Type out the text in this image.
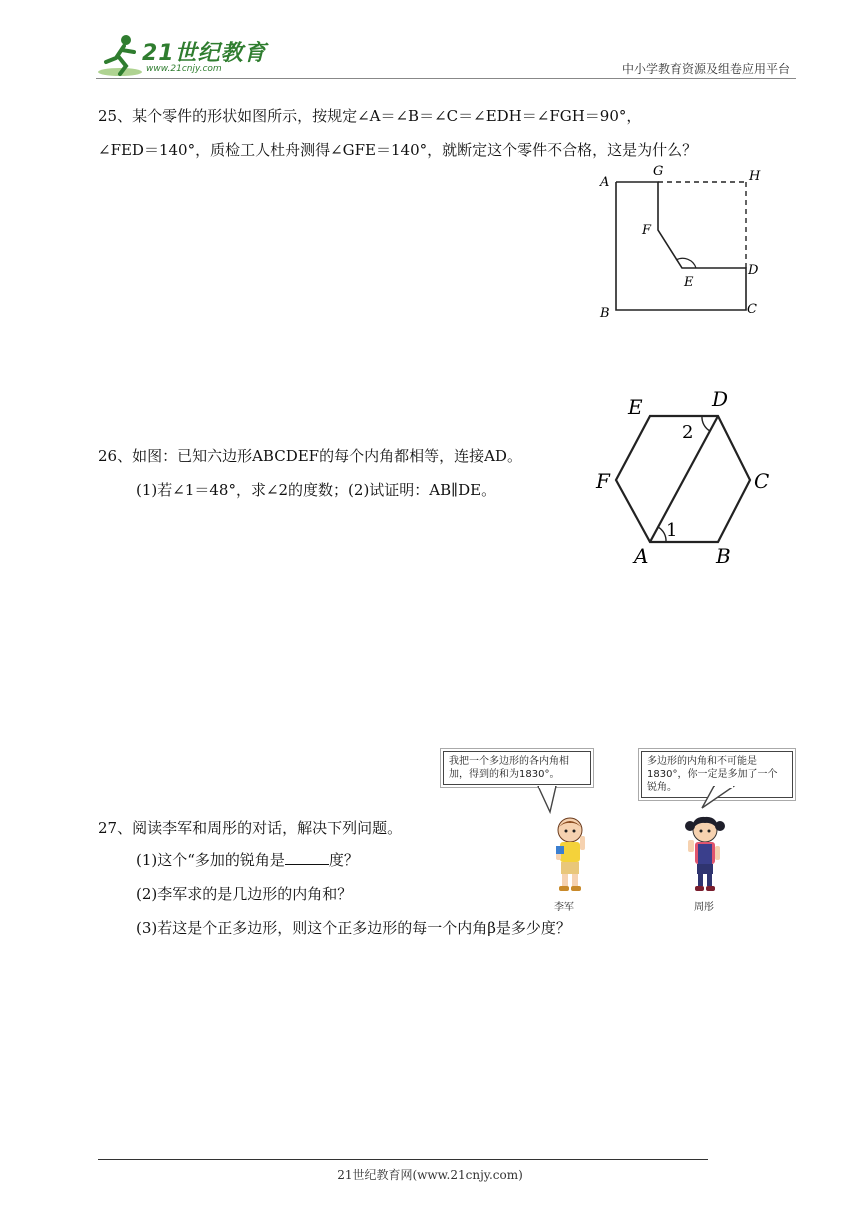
21世纪教育
www.21cnjy.com	中小学教育资源及组卷应用平台
25、某个零件的形状如图所示，按规定∠A＝∠B＝∠C＝∠EDH＝∠FGH＝90°，
∠FED＝140°，质检工人杜舟测得∠GFE＝140°，就断定这个零件不合格，这是为什么？
A
G	H
F
E
D
B	C
26、如图：已知六边形ABCDEF的每个内角都相等，连接AD。
(1)若∠1＝48°，求∠2的度数；(2)试证明：AB∥DE。
E	D
C
F
A	B
1
2
27、阅读李军和周彤的对话，解决下列问题。
(1)这个“多加的锐角是	度？
(2)李军求的是几边形的内角和？
(3)若这是个正多边形，则这个正多边形的每一个内角β是多少度？
我把一个多边形的各内角相加，得到的和为1830°。
多边形的内角和不可能是1830°，你一定是多加了一个锐角。
李军	周彤
21世纪教育网(www.21cnjy.com)
